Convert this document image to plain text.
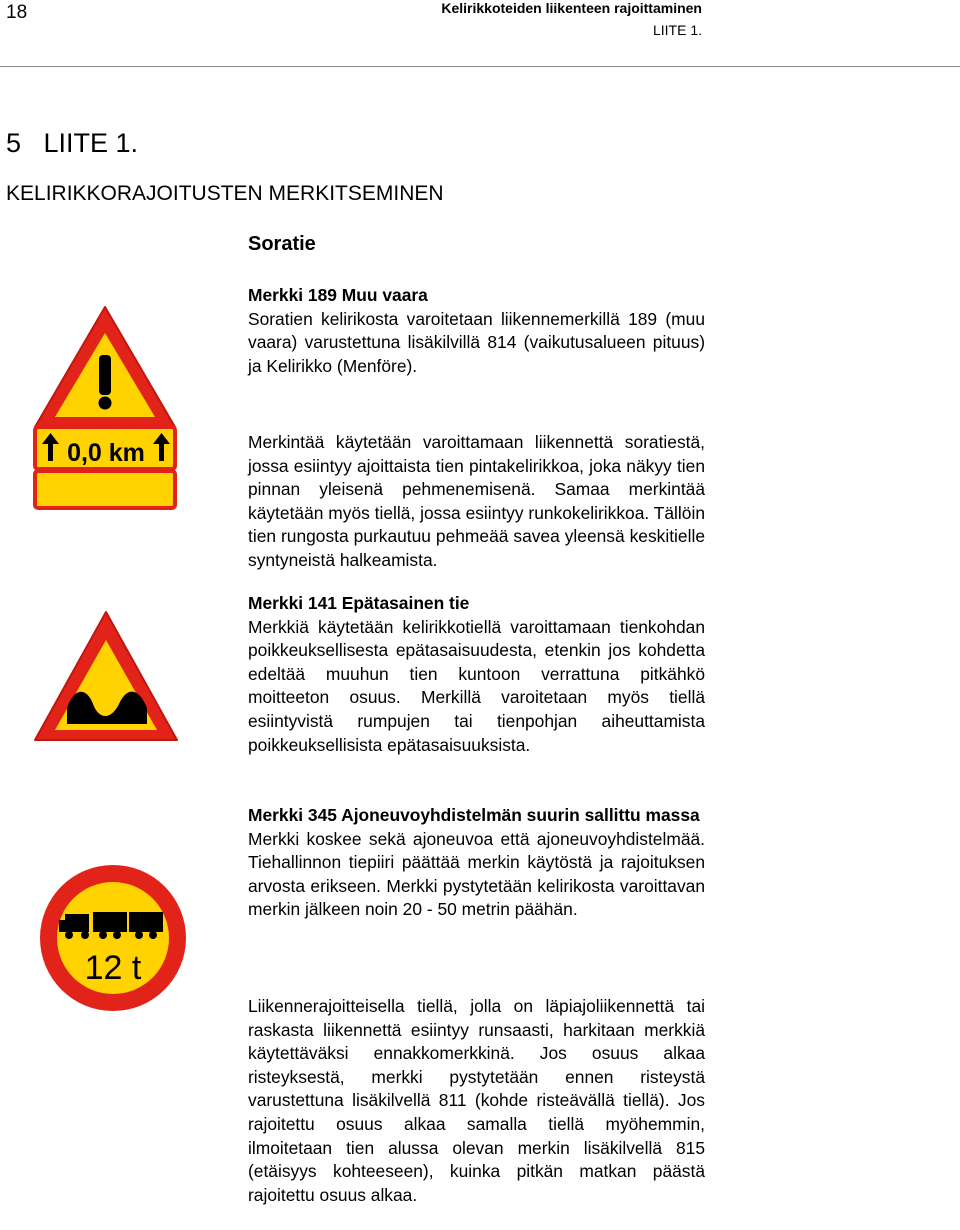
18	Kelirikkoteiden liikenteen rajoittaminen
LIITE 1.
5   LIITE 1.
KELIRIKKORAJOITUSTEN MERKITSEMINEN
Soratie
0,0 km
12 t

Merkki 189 Muu vaara

Soratien kelirikosta varoitetaan liikennemerkillä 189 (muu vaara) varustettuna lisäkilvillä 814 (vaikutusalueen pituus) ja Kelirikko (Menföre).

Merkintää käytetään varoittamaan liikennettä soratiestä, jossa esiintyy ajoittaista tien pintakelirikkoa, joka näkyy tien pinnan yleisenä pehmenemisenä. Samaa merkintää käytetään myös tiellä, jossa esiintyy runkokelirikkoa. Tällöin tien rungosta purkautuu pehmeää savea yleensä keskitielle syntyneistä halkeamista.

Merkki 141 Epätasainen tie

Merkkiä käytetään kelirikkotiellä varoittamaan tienkohdan poikkeuksellisesta epätasaisuudesta, etenkin jos kohdetta edeltää muuhun tien kuntoon verrattuna pitkähkö moitteeton osuus. Merkillä varoitetaan myös tiellä esiintyvistä rumpujen tai tienpohjan aiheuttamista poikkeuksellisista epätasaisuuksista.

Merkki 345 Ajoneuvoyhdistelmän suurin sallittu massa

Merkki koskee sekä ajoneuvoa että ajoneuvoyhdistelmää. Tiehallinnon tiepiiri päättää merkin käytöstä ja rajoituksen arvosta erikseen. Merkki pystytetään kelirikosta varoittavan merkin jälkeen noin 20 - 50 metrin päähän.

Liikennerajoitteisella tiellä, jolla on läpiajoliikennettä tai raskasta liikennettä esiintyy runsaasti, harkitaan merkkiä käytettäväksi ennakkomerkkinä. Jos osuus alkaa risteyksestä, merkki pystytetään ennen risteystä varustettuna lisäkilvellä 811 (kohde risteävällä tiellä). Jos rajoitettu osuus alkaa samalla tiellä myöhemmin, ilmoitetaan tien alussa olevan merkin lisäkilvellä 815 (etäisyys kohteeseen), kuinka pitkän matkan päästä rajoitettu osuus alkaa.
